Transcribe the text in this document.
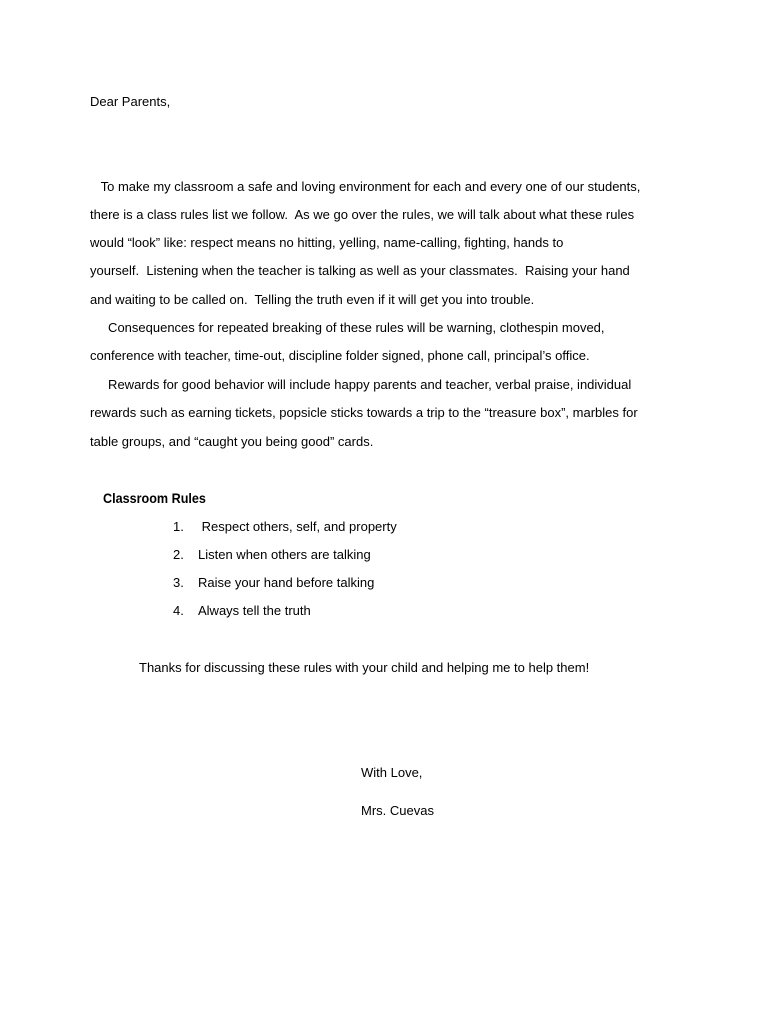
Dear Parents,

To make my classroom a safe and loving environment for each and every one of our students,

there is a class rules list we follow.  As we go over the rules, we will talk about what these rules

would “look” like: respect means no hitting, yelling, name-calling, fighting, hands to

yourself.  Listening when the teacher is talking as well as your classmates.  Raising your hand

and waiting to be called on.  Telling the truth even if it will get you into trouble.

Consequences for repeated breaking of these rules will be warning, clothespin moved,

conference with teacher, time-out, discipline folder signed, phone call, principal’s office.

Rewards for good behavior will include happy parents and teacher, verbal praise, individual

rewards such as earning tickets, popsicle sticks towards a trip to the “treasure box”, marbles for

table groups, and “caught you being good” cards.

Classroom Rules
1. Respect others, self, and property
2. Listen when others are talking
3. Raise your hand before talking
4. Always tell the truth

Thanks for discussing these rules with your child and helping me to help them!

With Love,

Mrs. Cuevas
